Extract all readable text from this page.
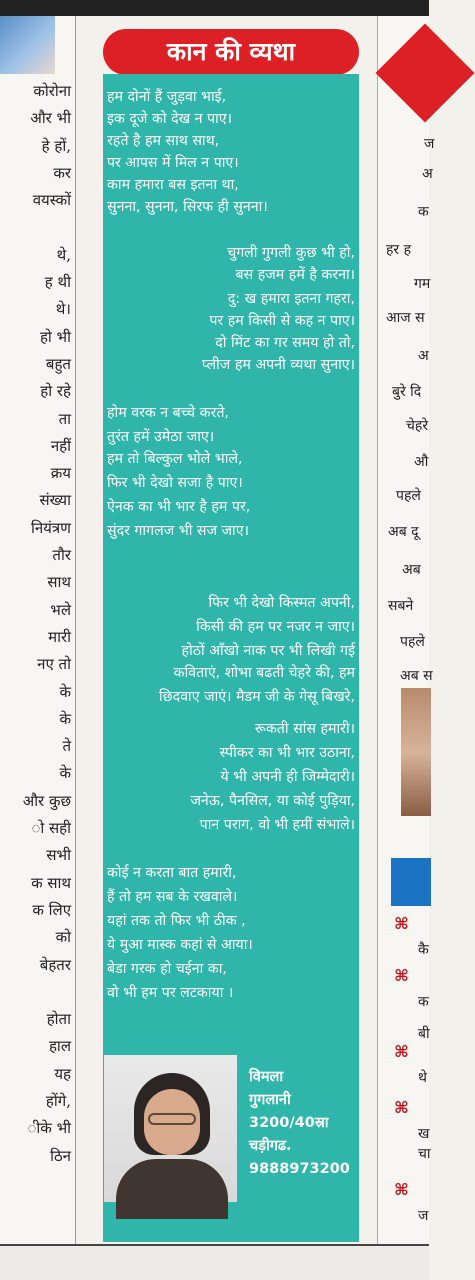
कोरोना
और भी
हे हों,
कर
वयस्कों

थे,
ह थी
थे।
हो भी
बहुत
हो रहे
ता
नहीं
क्रय
संख्या
नियंत्रण
तौर
साथ
भले
मारी
नए तो
के
के
ते
के
और कुछ
ो सही
सभी
क साथ
क लिए
को
बेहतर

होता
हाल
यह
होंगे,
ीके भी
ठिन
कान की व्यथा
हम दोनों हैं जुड़वा भाई,
इक दूजे को देख न पाए।
रहते है हम साथ साथ,
पर आपस में मिल न पाए।
काम हमारा बस इतना था,
सुनना, सुनना, सिरफ ही सुनना।
चुगली गुगली कुछ भी हो,
बस हजम हमें है करना।
दु: ख हमारा इतना गहरा,
पर हम किसी से कह न पाए।
दो मिंट का गर समय हो तो,
प्लीज हम अपनी व्यथा सुनाए।
होम वरक न बच्चे करते,
तुरंत हमें उमेठा जाए।
हम तो बिल्कुल भोले भाले,
फिर भी देखो सजा है पाए।
ऐनक का भी भार है हम पर,
सुंदर गागलज भी सज जाए।
फिर भी देखो किस्मत अपनी,
किसी की हम पर नजर न जाए।
होठों आँखो नाक पर भी लिखी गई
कविताएं, शोभा बढती चेहरे की, हम
छिदवाए जाएं। मैडम जी के गेसू बिखरे,
रूकती सांस हमारी।
स्पीकर का भी भार उठाना,
ये भी अपनी ही जिम्मेदारी।
जनेऊ, पैनसिल, या कोई पुड़िया,
पान पराग, वो भी हमीं संभाले।
कोई न करता बात हमारी,
हैं तो हम सब के रखवाले।
यहां तक तो फिर भी ठीक ,
ये मुआ मास्क कहां से आया।
बेडा गरक हो चईना का,
वो भी हम पर लटकाया ।
विमला
गुगलानी
3200/40स्रा
चड़ीगढ.
9888973200
ज
अ
क
हर ह
गम
आज स
अ
बुरे दि
चेहरे
औ
पहले
अब दू
अब
सबने
पहले
अब स
⌘
कै
⌘
क
⌘
थे
⌘
ख
⌘
ज
बी
चा
